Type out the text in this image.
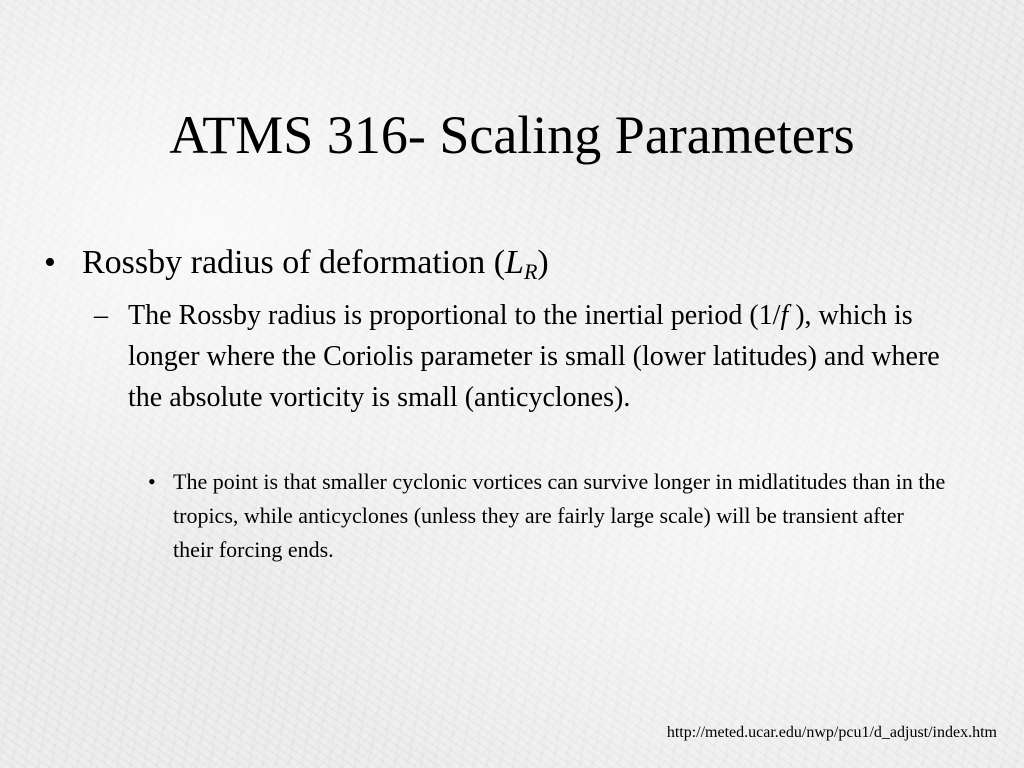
ATMS 316- Scaling Parameters
• Rossby radius of deformation $(L_R)$
– The Rossby radius is proportional to the inertial period (1/f ), which is longer where the Coriolis parameter is small (lower latitudes) and where the absolute vorticity is small (anticyclones).
• The point is that smaller cyclonic vortices can survive longer in midlatitudes than in the tropics, while anticyclones (unless they are fairly large scale) will be transient after their forcing ends.
http://meted.ucar.edu/nwp/pcu1/d_adjust/index.htm
